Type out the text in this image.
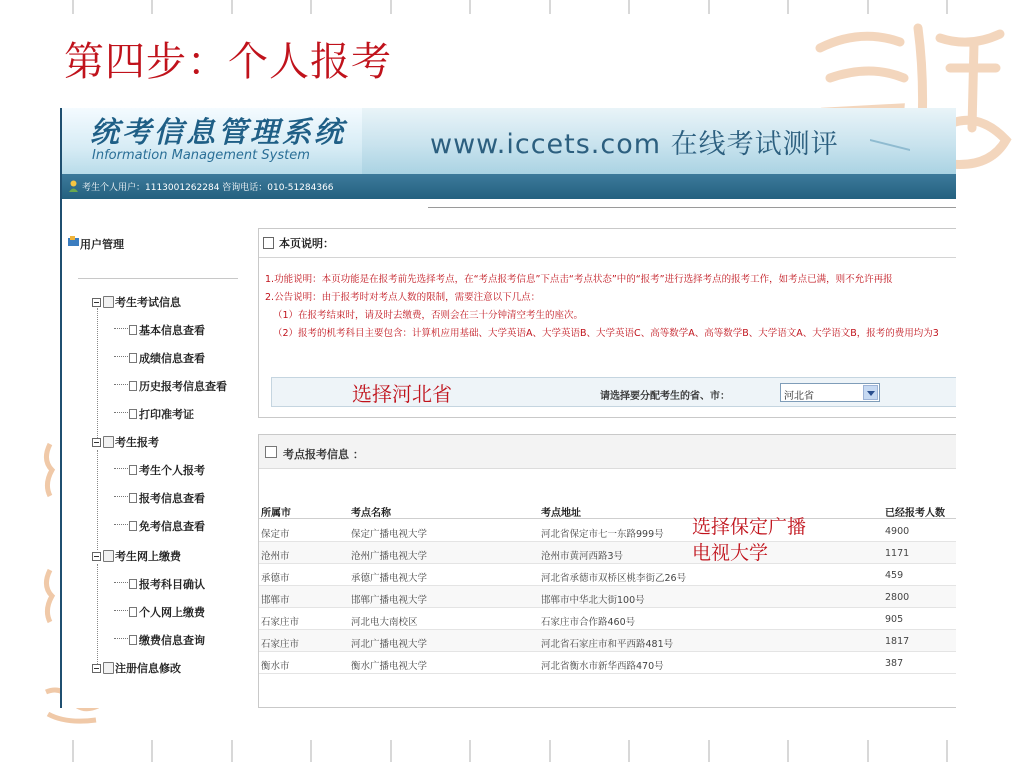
第四步：个人报考
统考信息管理系统
Information Management System	www.iccets.com 在线考试测评
考生个人用户：1113001262284 咨询电话：010-51284366
用户管理
考生考试信息
基本信息查看
成绩信息查看
历史报考信息查看
打印准考证
考生报考
考生个人报考
报考信息查看
免考信息查看
考生网上缴费
报考科目确认
个人网上缴费
缴费信息查询
注册信息修改
本页说明：
1.功能说明：本页功能是在报考前先选择考点，在“考点报考信息”下点击“考点状态”中的“报考”进行选择考点的报考工作，如考点已满，则不允许再报
2.公告说明：由于报考时对考点人数的限制，需要注意以下几点：
（1）在报考结束时，请及时去缴费，否则会在三十分钟清空考生的座次。
（2）报考的机考科目主要包含：计算机应用基础、大学英语A、大学英语B、大学英语C、高等数学A、高等数学B、大学语文A、大学语文B，报考的费用均为3
请选择要分配考生的省、市：	河北省
考点报考信息 ：
所属市	考点名称	考点地址	已经报考人数
保定市	保定广播电视大学	河北省保定市七一东路999号	4900
沧州市	沧州广播电视大学	沧州市黄河西路3号	1171
承德市	承德广播电视大学	河北省承德市双桥区桃李街乙26号	459
邯郸市	邯郸广播电视大学	邯郸市中华北大街100号	2800
石家庄市	河北电大南校区	石家庄市合作路460号	905
石家庄市	河北广播电视大学	河北省石家庄市和平西路481号	1817
衡水市	衡水广播电视大学	河北省衡水市新华西路470号	387
选择河北省
选择保定广播
电视大学
